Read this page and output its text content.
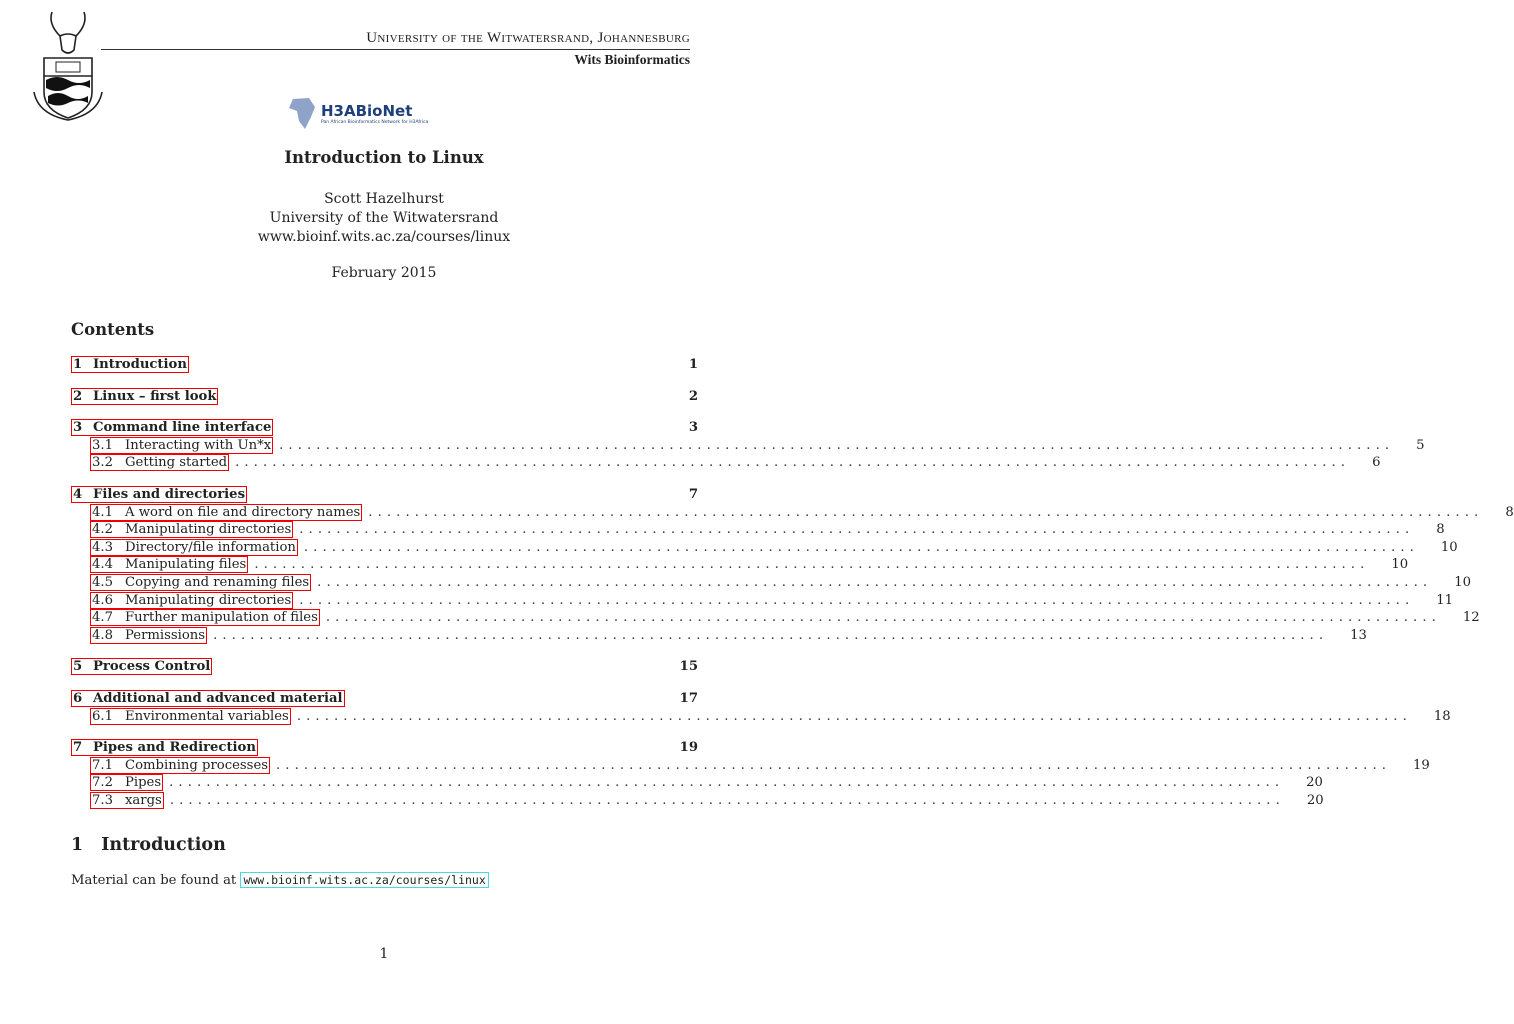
University of the Witwatersrand, Johannesburg
Wits Bioinformatics
H3ABioNet
Pan African Bioinformatics Network for H3Africa
Introduction to Linux
Scott Hazelhurst
University of the Witwatersrand
www.bioinf.wits.ac.za/courses/linux
February 2015
Contents
1 Introduction	1
2 Linux – first look	2
3 Command line interface	3
3.1 Interacting with Un*x ........................................................................................................................ 5
3.2 Getting started ........................................................................................................................ 6
4 Files and directories	7
4.1 A word on file and directory names ........................................................................................................................ 8
4.2 Manipulating directories ........................................................................................................................ 8
4.3 Directory/file information ........................................................................................................................ 10
4.4 Manipulating files ........................................................................................................................ 10
4.5 Copying and renaming files ........................................................................................................................ 10
4.6 Manipulating directories ........................................................................................................................ 11
4.7 Further manipulation of files ........................................................................................................................ 12
4.8 Permissions ........................................................................................................................ 13
5 Process Control	15
6 Additional and advanced material	17
6.1 Environmental variables ........................................................................................................................ 18
7 Pipes and Redirection	19
7.1 Combining processes ........................................................................................................................ 19
7.2 Pipes ........................................................................................................................ 20
7.3 xargs ........................................................................................................................ 20
1 Introduction
Material can be found at www.bioinf.wits.ac.za/courses/linux
1
